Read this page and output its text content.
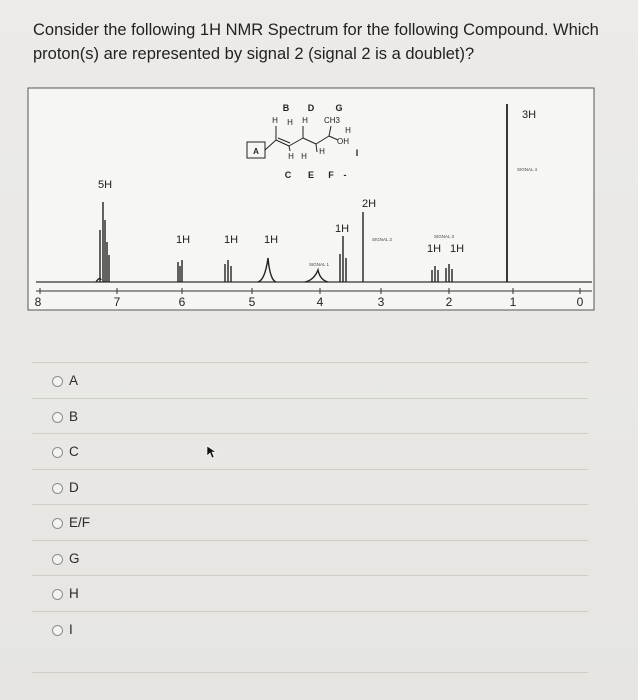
Consider the following 1H NMR Spectrum for the following Compound. Which proton(s) are represented by signal 2 (signal 2 is a doublet)?
8	7	6	5	4	3	2	1	0
5H
1H	1H 1H
1H
2H
1H 1H
3H
SIGNAL 1
SIGNAL 2
SIGNAL 3
SIGNAL 4
B D G
C E F
I
-
H H H CH3
H
OH
H H
H
A
A
B
C
D
E/F
G
H
I
